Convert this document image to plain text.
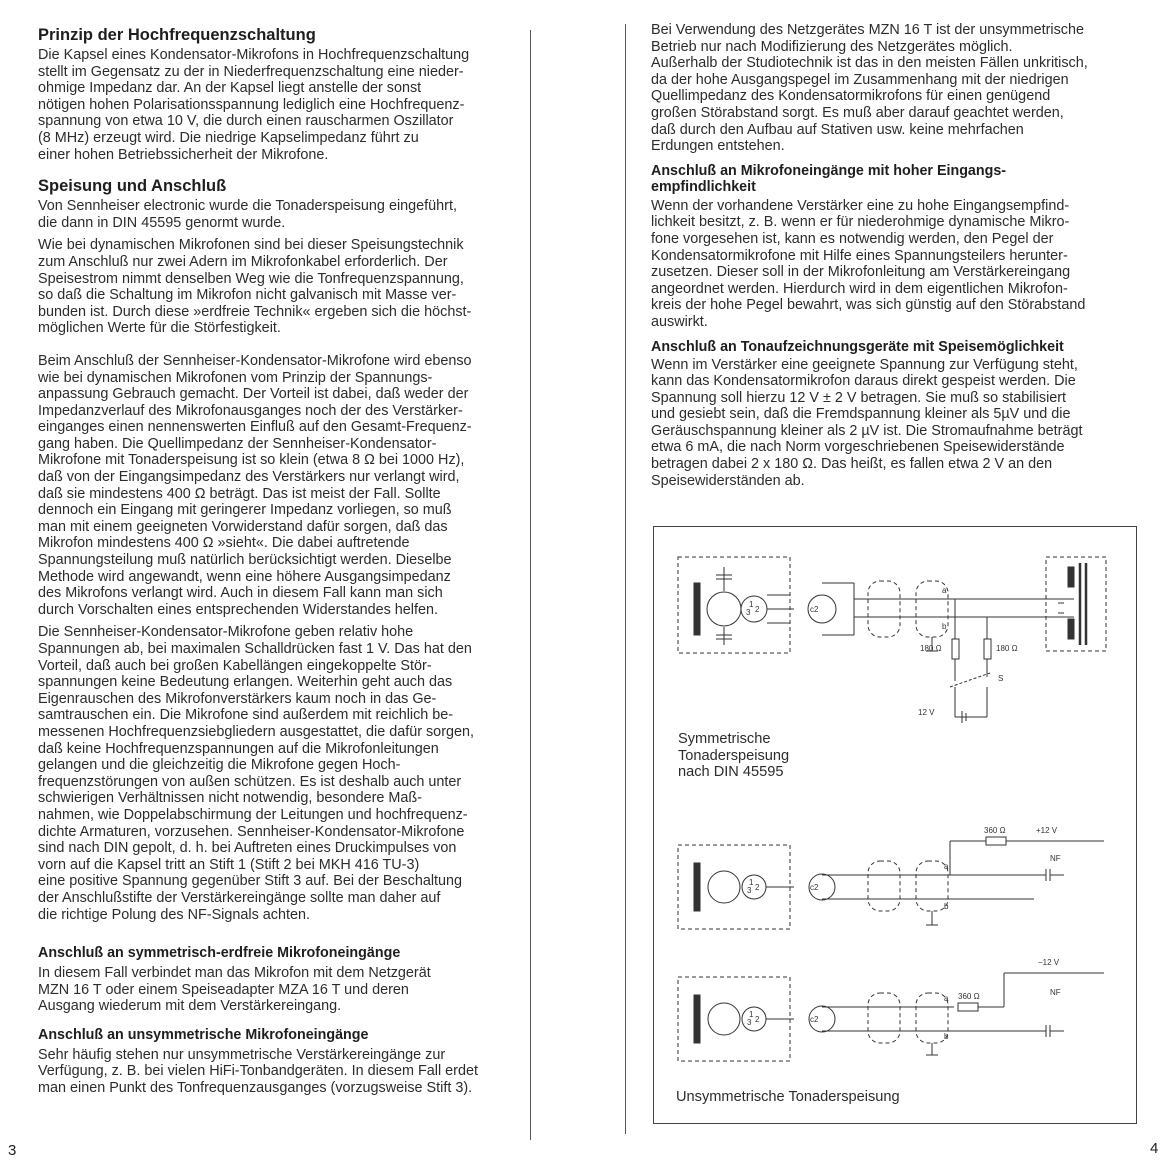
Prinzip der Hochfrequenzschaltung

Die Kapsel eines Kondensator-Mikrofons in Hochfrequenzschaltung
stellt im Gegensatz zu der in Niederfrequenzschaltung eine nieder-
ohmige Impedanz dar. An der Kapsel liegt anstelle der sonst
nötigen hohen Polarisationsspannung lediglich eine Hochfrequenz-
spannung von etwa 10 V, die durch einen rauscharmen Oszillator
(8 MHz) erzeugt wird. Die niedrige Kapselimpedanz führt zu
einer hohen Betriebssicherheit der Mikrofone.

Speisung und Anschluß

Von Sennheiser electronic wurde die Tonaderspeisung eingeführt,
die dann in DIN 45595 genormt wurde.

Wie bei dynamischen Mikrofonen sind bei dieser Speisungstechnik
zum Anschluß nur zwei Adern im Mikrofonkabel erforderlich. Der
Speisestrom nimmt denselben Weg wie die Tonfrequenzspannung,
so daß die Schaltung im Mikrofon nicht galvanisch mit Masse ver-
bunden ist. Durch diese »erdfreie Technik« ergeben sich die höchst-
möglichen Werte für die Störfestigkeit.

Beim Anschluß der Sennheiser-Kondensator-Mikrofone wird ebenso
wie bei dynamischen Mikrofonen vom Prinzip der Spannungs-
anpassung Gebrauch gemacht. Der Vorteil ist dabei, daß weder der
Impedanzverlauf des Mikrofonausganges noch der des Verstärker-
einganges einen nennenswerten Einfluß auf den Gesamt-Frequenz-
gang haben. Die Quellimpedanz der Sennheiser-Kondensator-
Mikrofone mit Tonaderspeisung ist so klein (etwa 8 Ω bei 1000 Hz),
daß von der Eingangsimpedanz des Verstärkers nur verlangt wird,
daß sie mindestens 400 Ω beträgt. Das ist meist der Fall. Sollte
dennoch ein Eingang mit geringerer Impedanz vorliegen, so muß
man mit einem geeigneten Vorwiderstand dafür sorgen, daß das
Mikrofon mindestens 400 Ω »sieht«. Die dabei auftretende
Spannungsteilung muß natürlich berücksichtigt werden. Dieselbe
Methode wird angewandt, wenn eine höhere Ausgangsimpedanz
des Mikrofons verlangt wird. Auch in diesem Fall kann man sich
durch Vorschalten eines entsprechenden Widerstandes helfen.

Die Sennheiser-Kondensator-Mikrofone geben relativ hohe
Spannungen ab, bei maximalen Schalldrücken fast 1 V. Das hat den
Vorteil, daß auch bei großen Kabellängen eingekoppelte Stör-
spannungen keine Bedeutung erlangen. Weiterhin geht auch das
Eigenrauschen des Mikrofonverstärkers kaum noch in das Ge-
samtrauschen ein. Die Mikrofone sind außerdem mit reichlich be-
messenen Hochfrequenzsiebgliedern ausgestattet, die dafür sorgen,
daß keine Hochfrequenzspannungen auf die Mikrofonleitungen
gelangen und die gleichzeitig die Mikrofone gegen Hoch-
frequenzstörungen von außen schützen. Es ist deshalb auch unter
schwierigen Verhältnissen nicht notwendig, besondere Maß-
nahmen, wie Doppelabschirmung der Leitungen und hochfrequenz-
dichte Armaturen, vorzusehen. Sennheiser-Kondensator-Mikrofone
sind nach DIN gepolt, d. h. bei Auftreten eines Druckimpulses von
vorn auf die Kapsel tritt an Stift 1 (Stift 2 bei MKH 416 TU-3)
eine positive Spannung gegenüber Stift 3 auf. Bei der Beschaltung
der Anschlußstifte der Verstärkereingänge sollte man daher auf
die richtige Polung des NF-Signals achten.

Anschluß an symmetrisch-erdfreie Mikrofoneingänge

In diesem Fall verbindet man das Mikrofon mit dem Netzgerät
MZN 16 T oder einem Speiseadapter MZA 16 T und deren
Ausgang wiederum mit dem Verstärkereingang.

Anschluß an unsymmetrische Mikrofoneingänge

Sehr häufig stehen nur unsymmetrische Verstärkereingänge zur
Verfügung, z. B. bei vielen HiFi-Tonbandgeräten. In diesem Fall erdet
man einen Punkt des Tonfrequenzausganges (vorzugsweise Stift 3).

3	4

Bei Verwendung des Netzgerätes MZN 16 T ist der unsymmetrische
Betrieb nur nach Modifizierung des Netzgerätes möglich.
Außerhalb der Studiotechnik ist das in den meisten Fällen unkritisch,
da der hohe Ausgangspegel im Zusammenhang mit der niedrigen
Quellimpedanz des Kondensatormikrofons für einen genügend
großen Störabstand sorgt. Es muß aber darauf geachtet werden,
daß durch den Aufbau auf Stativen usw. keine mehrfachen
Erdungen entstehen.

Anschluß an Mikrofoneingänge mit hoher Eingangs-
empfindlichkeit

Wenn der vorhandene Verstärker eine zu hohe Eingangsempfind-
lichkeit besitzt, z. B. wenn er für niederohmige dynamische Mikro-
fone vorgesehen ist, kann es notwendig werden, den Pegel der
Kondensatormikrofone mit Hilfe eines Spannungsteilers herunter-
zusetzen. Dieser soll in der Mikrofonleitung am Verstärkereingang
angeordnet werden. Hierdurch wird in dem eigentlichen Mikrofon-
kreis der hohe Pegel bewahrt, was sich günstig auf den Störabstand
auswirkt.

Anschluß an Tonaufzeichnungsgeräte mit Speisemöglichkeit

Wenn im Verstärker eine geeignete Spannung zur Verfügung steht,
kann das Kondensatormikrofon daraus direkt gespeist werden. Die
Spannung soll hierzu 12 V ± 2 V betragen. Sie muß so stabilisiert
und gesiebt sein, daß die Fremdspannung kleiner als 5µV und die
Geräuschspannung kleiner als 2 µV ist. Die Stromaufnahme beträgt
etwa 6 mA, die nach Norm vorgeschriebenen Speisewiderstände
betragen dabei 2 x 180 Ω. Das heißt, es fallen etwa 2 V an den
Speisewiderständen ab.

1
3 2	c2
a
b
180 Ω	180 Ω
S
12 V
1
3 2	c2
a
b
360 Ω	+12 V
NF
1
3 2	c2
a
b
360 Ω
−12 V
NF
Symmetrische
Tonaderspeisung
nach DIN 45595
Unsymmetrische Tonaderspeisung
